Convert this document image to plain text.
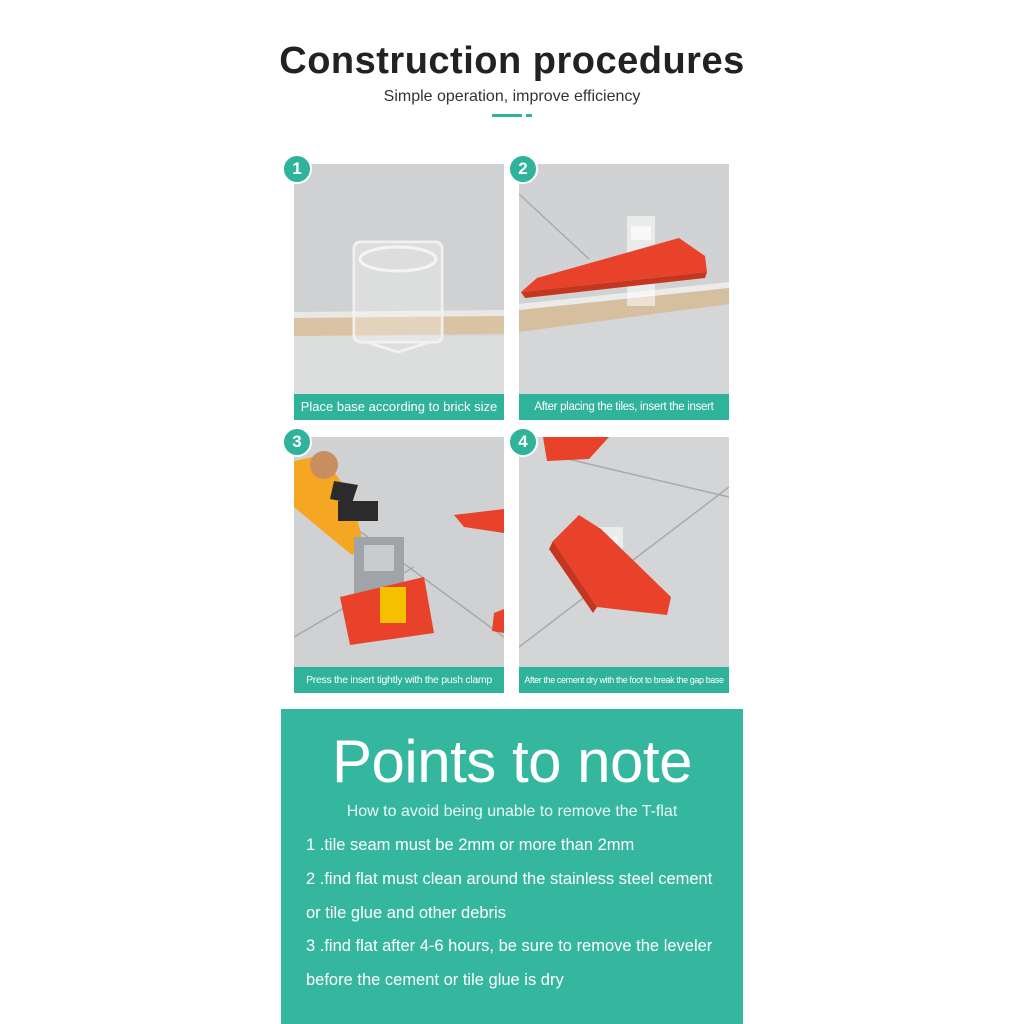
Construction procedures
Simple operation, improve efficiency
Place base according to brick size
1
After placing the tiles, insert the insert
2
Press the insert tightly with the push clamp
3
After the cement dry with the foot to break the gap base
4
Points to note
How to avoid being unable to remove the T-flat
1 .tile seam must be 2mm or more than 2mm
2 .find flat must clean around the stainless steel cement
or tile glue and other debris
3 .find flat after 4-6 hours, be sure to remove the leveler
before the cement or tile glue is dry
